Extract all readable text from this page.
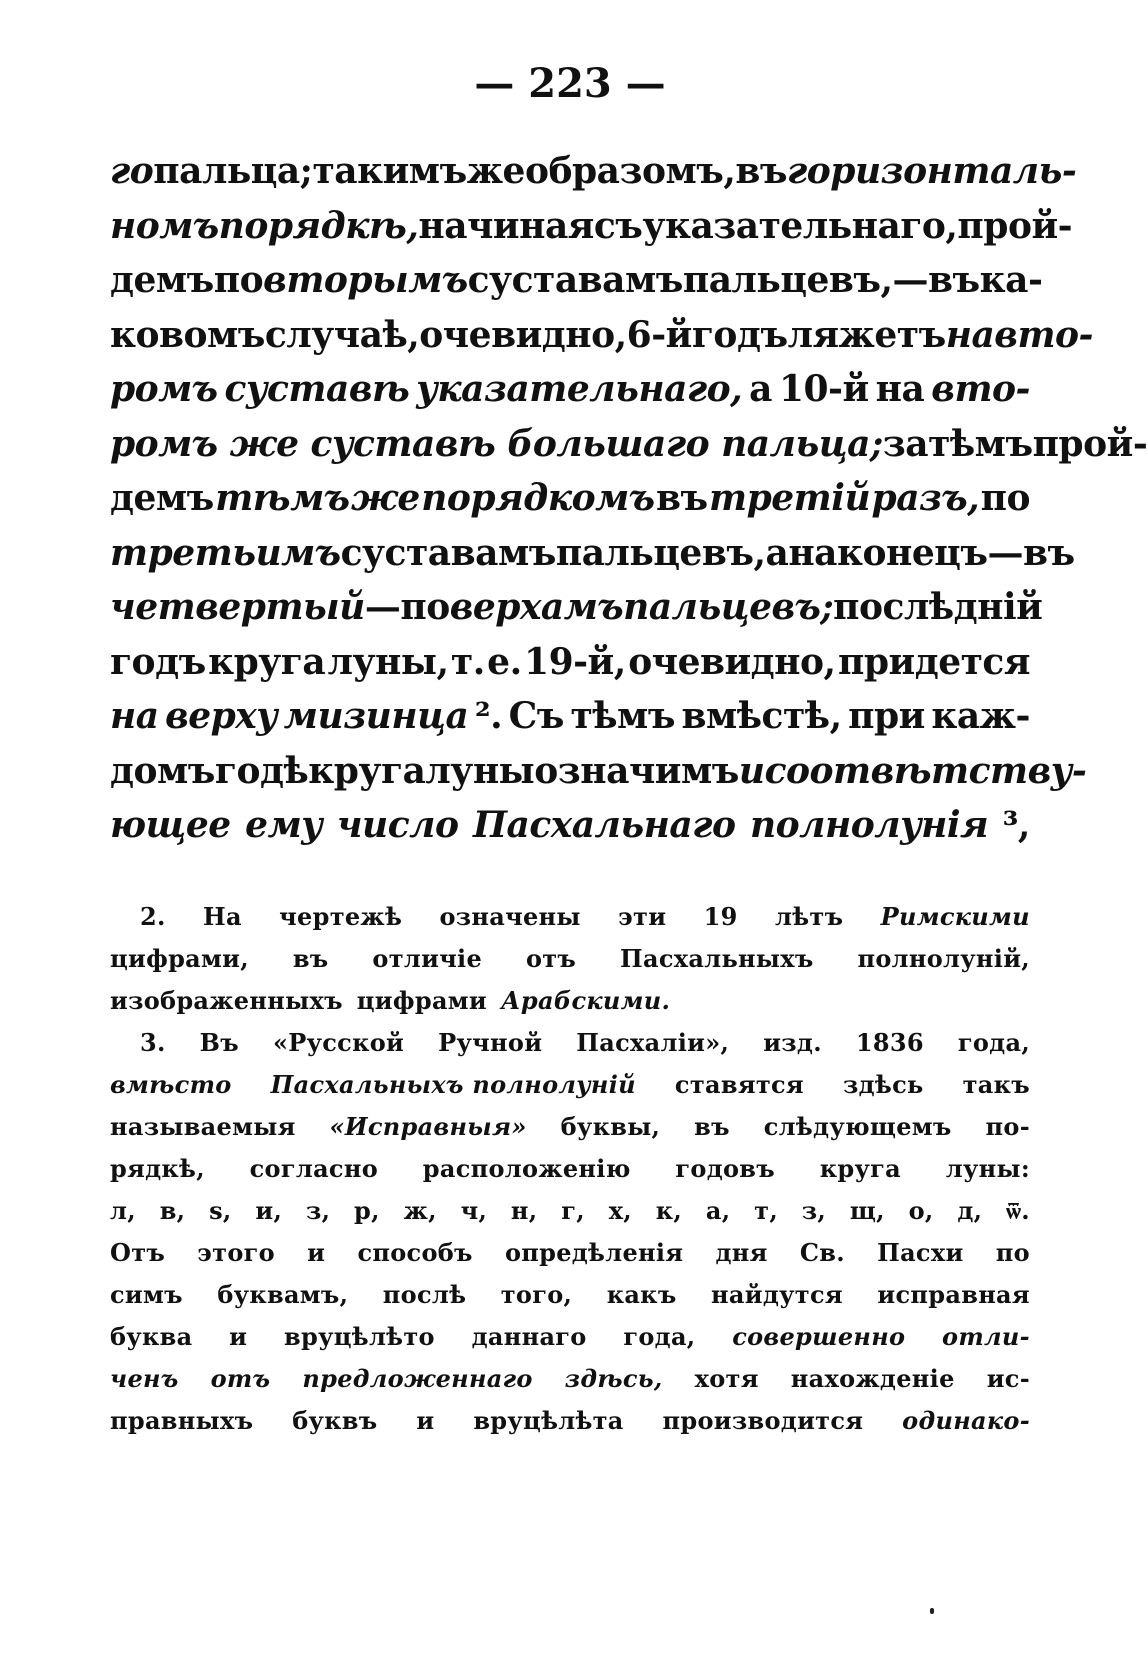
— 223 —
го пальца; такимъ же образомъ, въ горизонталь-
номъ порядкѣ, начиная съ указательнаго, прой-
демъ по вторымъ суставамъ пальцевъ, — въ ка-
ковомъ случаѣ, очевидно, 6-й годъ ляжетъ на вто-
ромъ суставѣ указательнаго, а 10-й на вто-
ромъ же суставѣ большаго пальца; затѣмъ прой-
демъ тѣмъ же порядкомъ въ третій разъ, по
третьимъ суставамъ пальцевъ, а наконецъ — въ
четвертый — по верхамъ пальцевъ; послѣдній
годъ круга луны, т. е. 19-й, очевидно, придется
на верху мизинца ². Съ тѣмъ вмѣстѣ, при каж-
домъ годѣ круга луны означимъ и соотвѣтству-
ющее ему число Пасхальнаго полнолунія ³,
2. На чертежѣ означены эти 19 лѣтъ Римскими
цифрами, въ отличіе отъ Пасхальныхъ полнолуній,
изображенныхъ цифрами Арабскими.
3. Въ «Русской Ручной Пасхаліи», изд. 1836 года,
вмѣсто Пасхальныхъ полнолуній ставятся здѣсь такъ
называемыя «Исправныя» буквы, въ слѣдующемъ по-
рядкѣ, согласно расположенію годовъ круга луны:
л, в, ѕ, и, з, р, ж, ч, н, г, х, к, а, т, з, щ, о, д, ѿ.
Отъ этого и способъ опредѣленія дня Св. Пасхи по
симъ буквамъ, послѣ того, какъ найдутся исправная
буква и вруцѣлѣто даннаго года, совершенно отли-
ченъ отъ предложеннаго здѣсь, хотя нахожденіе ис-
правныхъ буквъ и вруцѣлѣта производится одинако-
